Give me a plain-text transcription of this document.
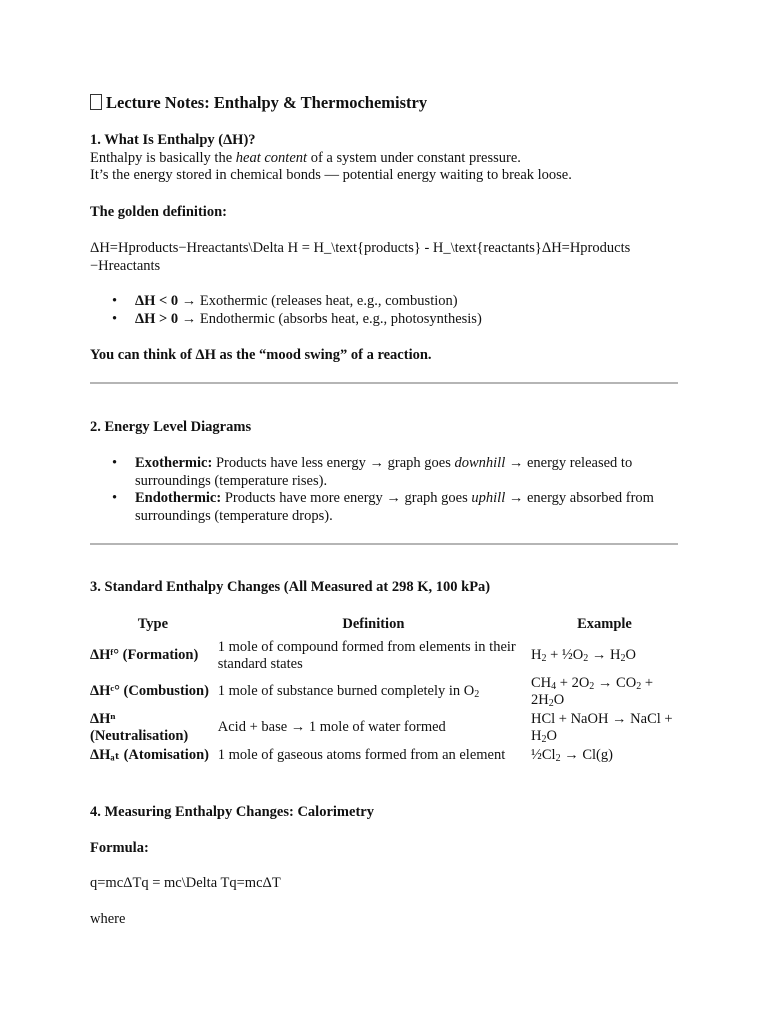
Lecture Notes: Enthalpy & Thermochemistry
1. What Is Enthalpy (ΔH)?
Enthalpy is basically the heat content of a system under constant pressure.
It’s the energy stored in chemical bonds — potential energy waiting to break loose.
The golden definition:
ΔH=Hproducts−Hreactants\Delta H = H_\text{products} - H_\text{reactants}ΔH=Hproducts
−Hreactants
• ΔH < 0 → Exothermic (releases heat, e.g., combustion)
• ΔH > 0 → Endothermic (absorbs heat, e.g., photosynthesis)
You can think of ΔH as the “mood swing” of a reaction.
2. Energy Level Diagrams
• Exothermic: Products have less energy → graph goes downhill → energy released to surroundings (temperature rises).
• Endothermic: Products have more energy → graph goes uphill → energy absorbed from surroundings (temperature drops).
3. Standard Enthalpy Changes (All Measured at 298 K, 100 kPa)
Type	Definition	Example
ΔHᶠ° (Formation)	1 mole of compound formed from elements in their standard states	$H_2$ + $\frac{1}{2}O_2 \to H_2O$
ΔHᶜ° (Combustion)	1 mole of substance burned completely in $O_2$	$CH_4 + 2O_2 \to CO_2$ +
$2H_2O$
ΔHⁿ
(Neutralisation)	Acid + base → 1 mole of water formed	HCl + NaOH → NaCl +
$H_2O$
ΔHₐₜ (Atomisation)	1 mole of gaseous atoms formed from an element	$\frac{1}{2}Cl_2 \to Cl(g)$
4. Measuring Enthalpy Changes: Calorimetry
Formula:
q=mcΔTq = mc\Delta Tq=mcΔT
where
